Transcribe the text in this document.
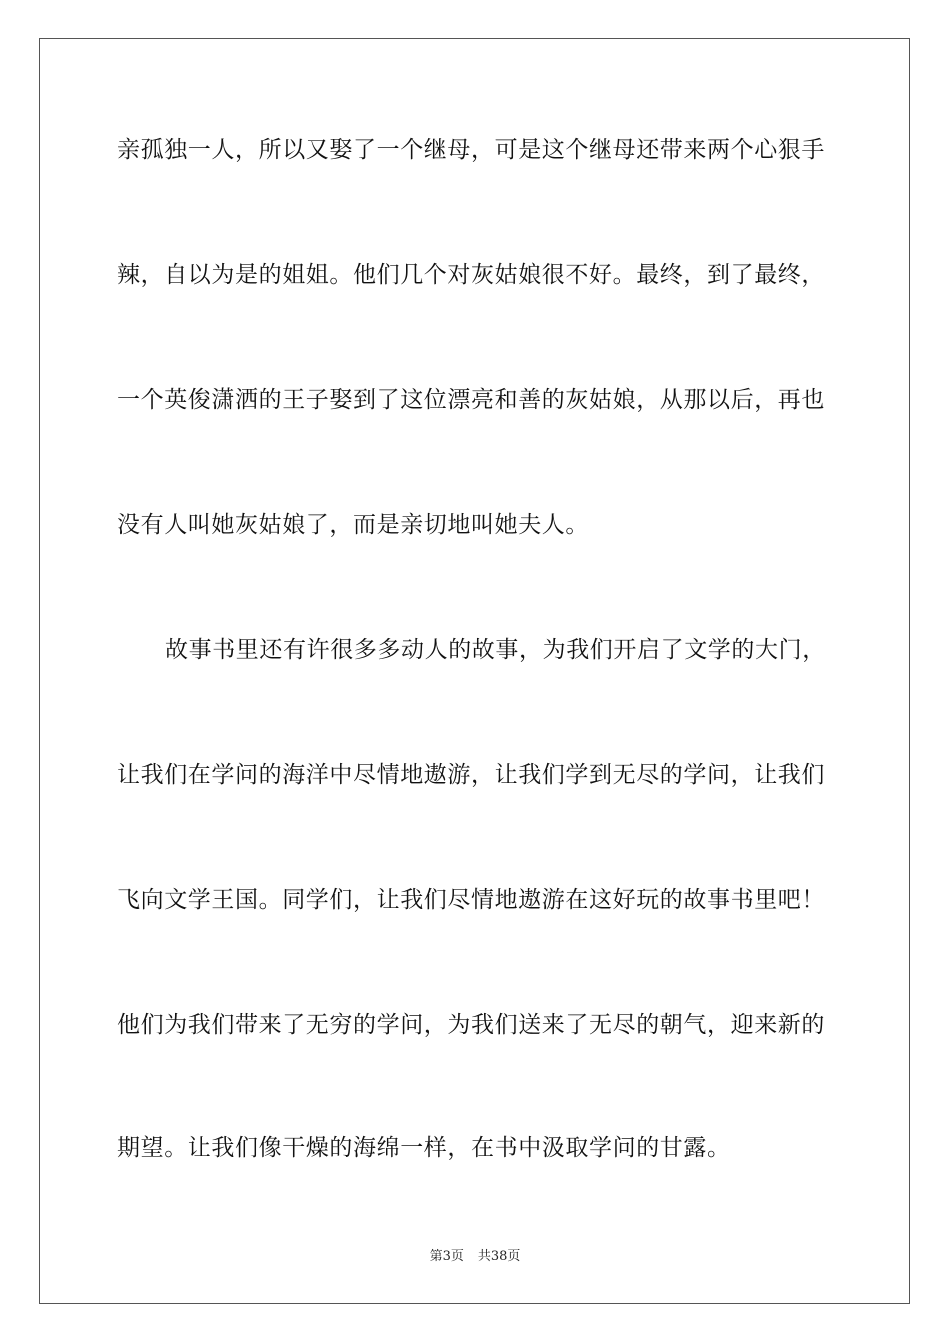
亲孤独一人，所以又娶了一个继母，可是这个继母还带来两个心狠手
辣，自以为是的姐姐。他们几个对灰姑娘很不好。最终，到了最终，
一个英俊潇洒的王子娶到了这位漂亮和善的灰姑娘，从那以后，再也
没有人叫她灰姑娘了，而是亲切地叫她夫人。
故事书里还有许很多多动人的故事，为我们开启了文学的大门，
让我们在学问的海洋中尽情地遨游，让我们学到无尽的学问，让我们
飞向文学王国。同学们，让我们尽情地遨游在这好玩的故事书里吧！
他们为我们带来了无穷的学问，为我们送来了无尽的朝气，迎来新的
期望。让我们像干燥的海绵一样，在书中汲取学问的甘露。
第3页 共38页
